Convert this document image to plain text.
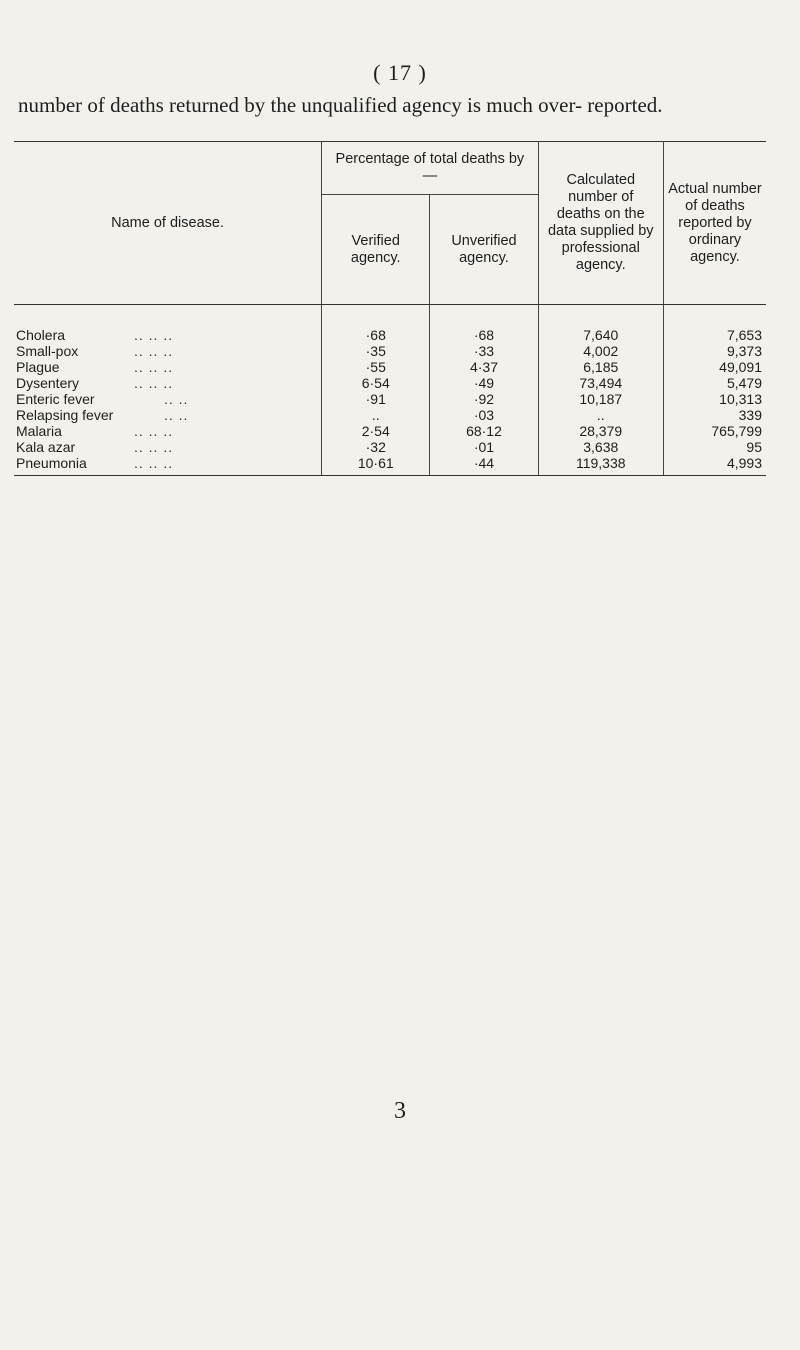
( 17 )
number of deaths returned by the unqualified agency is much over- reported.
Name of disease.	Percentage of total deaths by—		Calculated number of deaths on the data supplied by professional agency.	Actual number of deaths reported by ordinary agency.
	Verified agency.	Unverified agency.		
Cholera .. .. ..	·68	·68	7,640	7,653
Small-pox .. .. ..	·35	·33	4,002	9,373
Plague .. .. ..	·55	4·37	6,185	49,091
Dysentery .. .. ..	6·54	·49	73,494	5,479
Enteric fever .. ..	·91	·92	10,187	10,313
Relapsing fever .. ..	..	·03	..	339
Malaria .. .. ..	2·54	68·12	28,379	765,799
Kala azar .. .. ..	·32	·01	3,638	95
Pneumonia .. .. ..	10·61	·44	119,338	4,993
3
